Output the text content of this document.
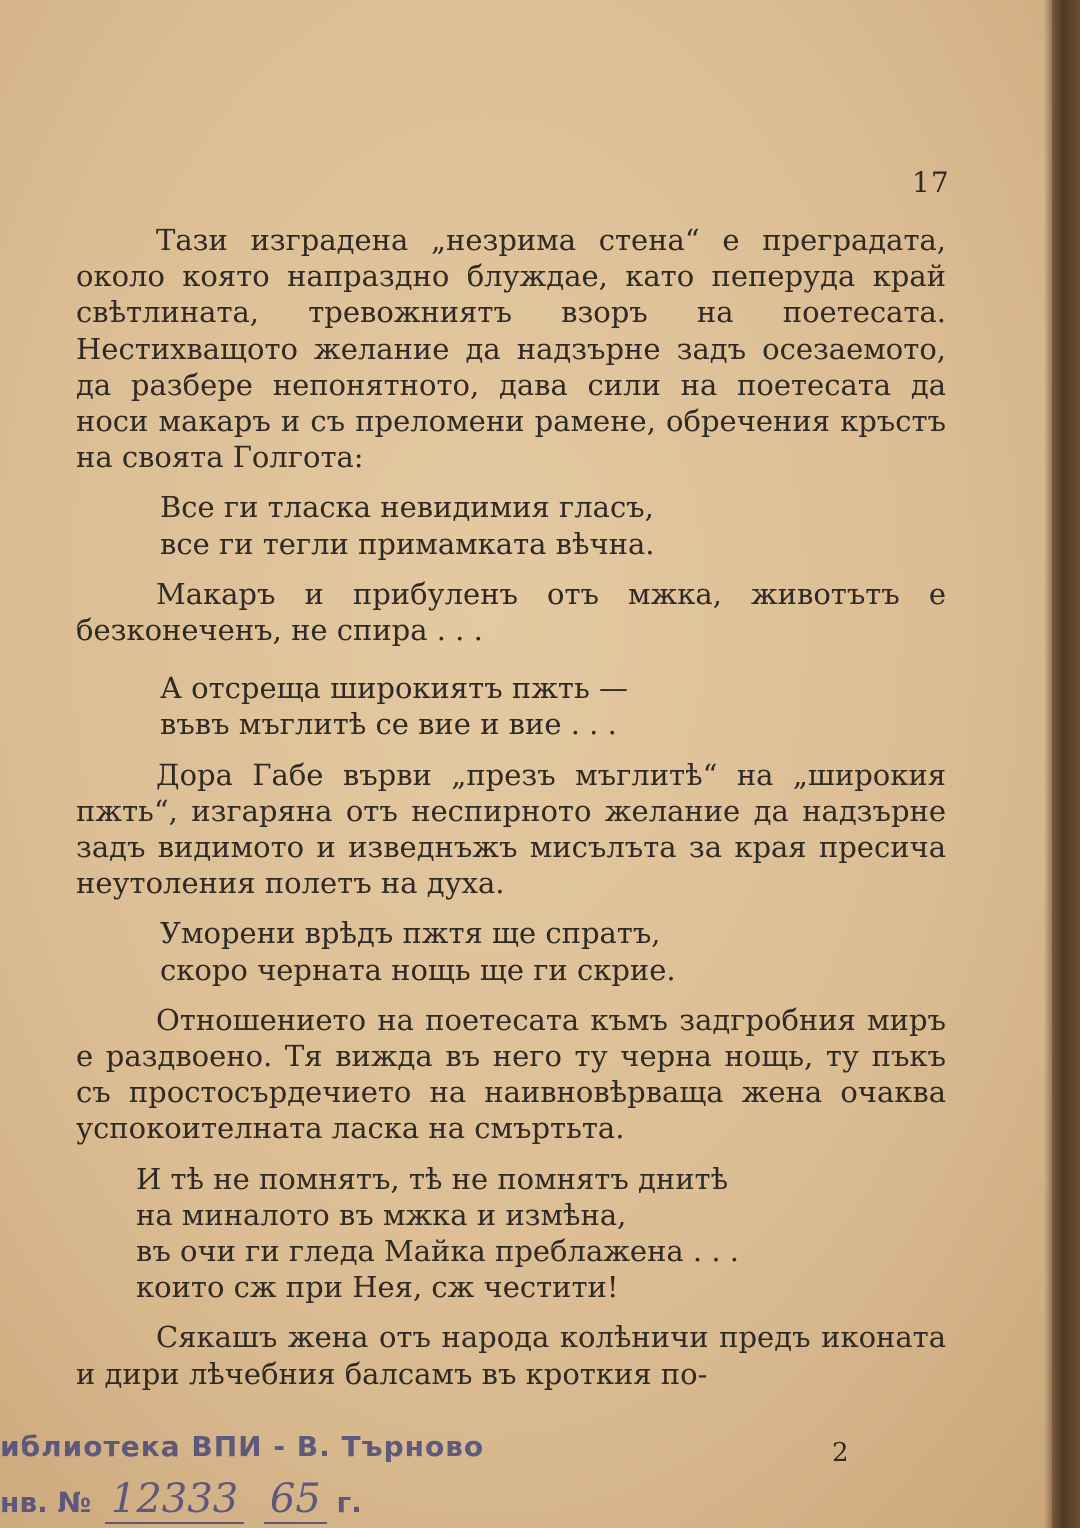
17

Тази изградена „незрима стена“ е преградата, около която напраздно блуждае, като пеперуда край свѣтлината, тревожниятъ взоръ на поетесата. Нестихващото желание да надзърне задъ осезаемото, да разбере непонятното, дава сили на поетесата да носи макаръ и съ преломени рамене, обречения кръстъ на своята Голгота:

Все ги тласка невидимия гласъ,
все ги тегли примамката вѣчна.

Макаръ и прибуленъ отъ мжка, животътъ е безконеченъ, не спира . . .

А отсреща широкиятъ пжть —
въвъ мъглитѣ се вие и вие . . .

Дора Габе върви „презъ мъглитѣ“ на „широкия пжть“, изгаряна отъ неспирното желание да надзърне задъ видимото и изведнъжъ мисълъта за края пресича неутоления полетъ на духа.

Уморени врѣдъ пжтя ще спратъ,
скоро черната нощь ще ги скрие.

Отношението на поетесата къмъ задгробния миръ е раздвоено. Тя вижда въ него ту черна нощь, ту пъкъ съ простосърдечието на наивновѣрваща жена очаква успокоителната ласка на смъртьта.

И тѣ не помнятъ, тѣ не помнятъ днитѣ
на миналото въ мжка и измѣна,
въ очи ги гледа Майка преблажена . . .
които сж при Нея, сж честити!

Сякашъ жена отъ народа колѣничи предъ иконата и дири лѣчебния балсамъ въ кроткия по-

2
иблиотека ВПИ - В. Търново
нв. № 12333 65 г.
